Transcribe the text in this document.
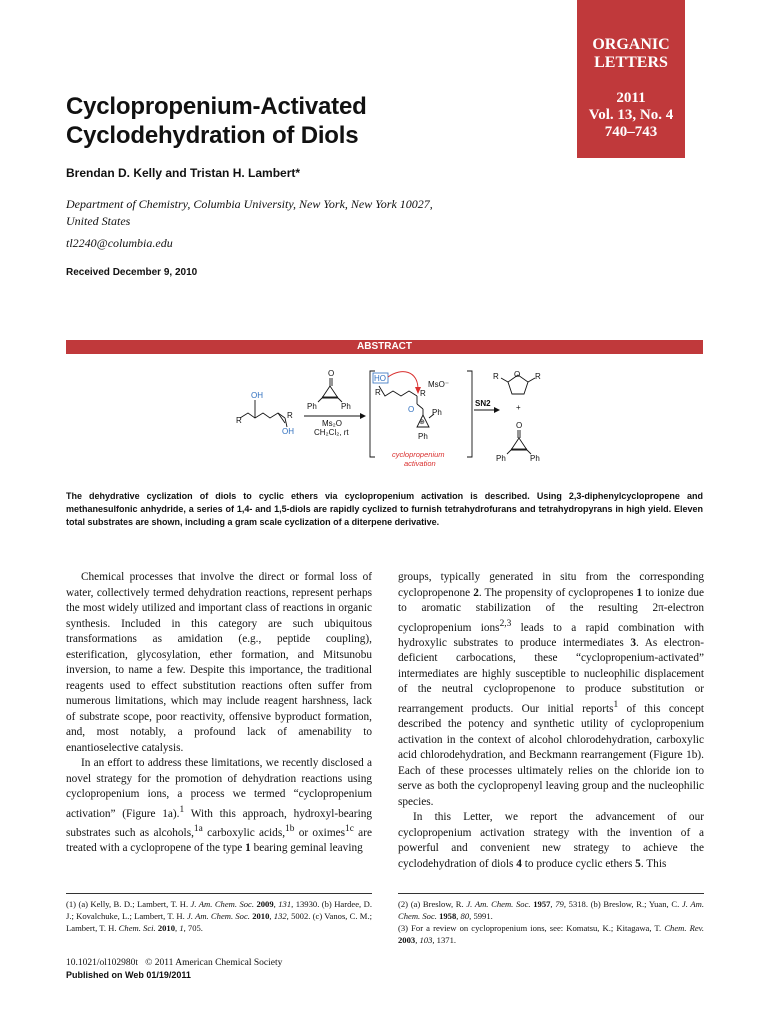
ORGANIC
LETTERS
2011
Vol. 13, No. 4
740–743
Cyclopropenium-Activated
Cyclodehydration of Diols
Brendan D. Kelly and Tristan H. Lambert*
Department of Chemistry, Columbia University, New York, New York 10027,
United States
tl2240@columbia.edu
Received December 9, 2010
ABSTRACT
OH
OH
R
R
O
Ph	Ph
Ms₂O
CH₂Cl₂, rt
HO
MsO⁻
R	R
O Ph
Ph
⊕
cyclopropenium
activation
SN2
O
R	R
+
O
Ph	Ph
The dehydrative cyclization of diols to cyclic ethers via cyclopropenium activation is described. Using 2,3-diphenylcyclopropene and methanesulfonic anhydride, a series of 1,4- and 1,5-diols are rapidly cyclized to furnish tetrahydrofurans and tetrahydropyrans in high yield. Eleven total substrates are shown, including a gram scale cyclization of a diterpene derivative.

Chemical processes that involve the direct or formal loss of water, collectively termed dehydration reactions, represent perhaps the most widely utilized and important class of reactions in organic synthesis. Included in this category are such ubiquitous transformations as amidation (e.g., peptide coupling), esterification, glycosylation, ether formation, and Mitsunobu inversion, to name a few. Despite this importance, the traditional reagents used to effect substitution reactions often suffer from numerous limitations, which may include reagent harshness, lack of substrate scope, poor reactivity, offensive byproduct formation, and, most notably, a profound lack of amenability to enantioselective catalysis.

In an effort to address these limitations, we recently disclosed a novel strategy for the promotion of dehydration reactions using cyclopropenium ions, a process we termed “cyclopropenium activation” (Figure 1a).$^1$ With this approach, hydroxyl-bearing substrates such as alcohols,$^{1a}$ carboxylic acids,$^{1b}$ or oximes$^{1c}$ are treated with a cyclopropene of the type 1 bearing geminal leaving

groups, typically generated in situ from the corresponding cyclopropenone 2. The propensity of cyclopropenes 1 to ionize due to aromatic stabilization of the resulting 2π-electron cyclopropenium ions$^{2,3}$ leads to a rapid combination with hydroxylic substrates to produce intermediates 3. As electron-deficient carbocations, these “cyclopropenium-activated” intermediates are highly susceptible to nucleophilic displacement of the neutral cyclopropenone to produce substitution or rearrangement products. Our initial reports$^1$ of this concept described the potency and synthetic utility of cyclopropenium activation in the context of alcohol chlorodehydration, carboxylic acid chlorodehydration, and Beckmann rearrangement (Figure 1b). Each of these processes ultimately relies on the chloride ion to serve as both the cyclopropenyl leaving group and the nucleophilic species.

In this Letter, we report the advancement of our cyclopropenium activation strategy with the invention of a powerful and convenient new strategy to achieve the cyclodehydration of diols 4 to produce cyclic ethers 5. This

(1) (a) Kelly, B. D.; Lambert, T. H. J. Am. Chem. Soc. 2009, 131, 13930. (b) Hardee, D. J.; Kovalchuke, L.; Lambert, T. H. J. Am. Chem. Soc. 2010, 132, 5002. (c) Vanos, C. M.; Lambert, T. H. Chem. Sci. 2010, 1, 705.

(2) (a) Breslow, R. J. Am. Chem. Soc. 1957, 79, 5318. (b) Breslow, R.; Yuan, C. J. Am. Chem. Soc. 1958, 80, 5991.

(3) For a review on cyclopropenium ions, see: Komatsu, K.; Kitagawa, T. Chem. Rev. 2003, 103, 1371.

10.1021/ol102980t © 2011 American Chemical Society
Published on Web 01/19/2011
